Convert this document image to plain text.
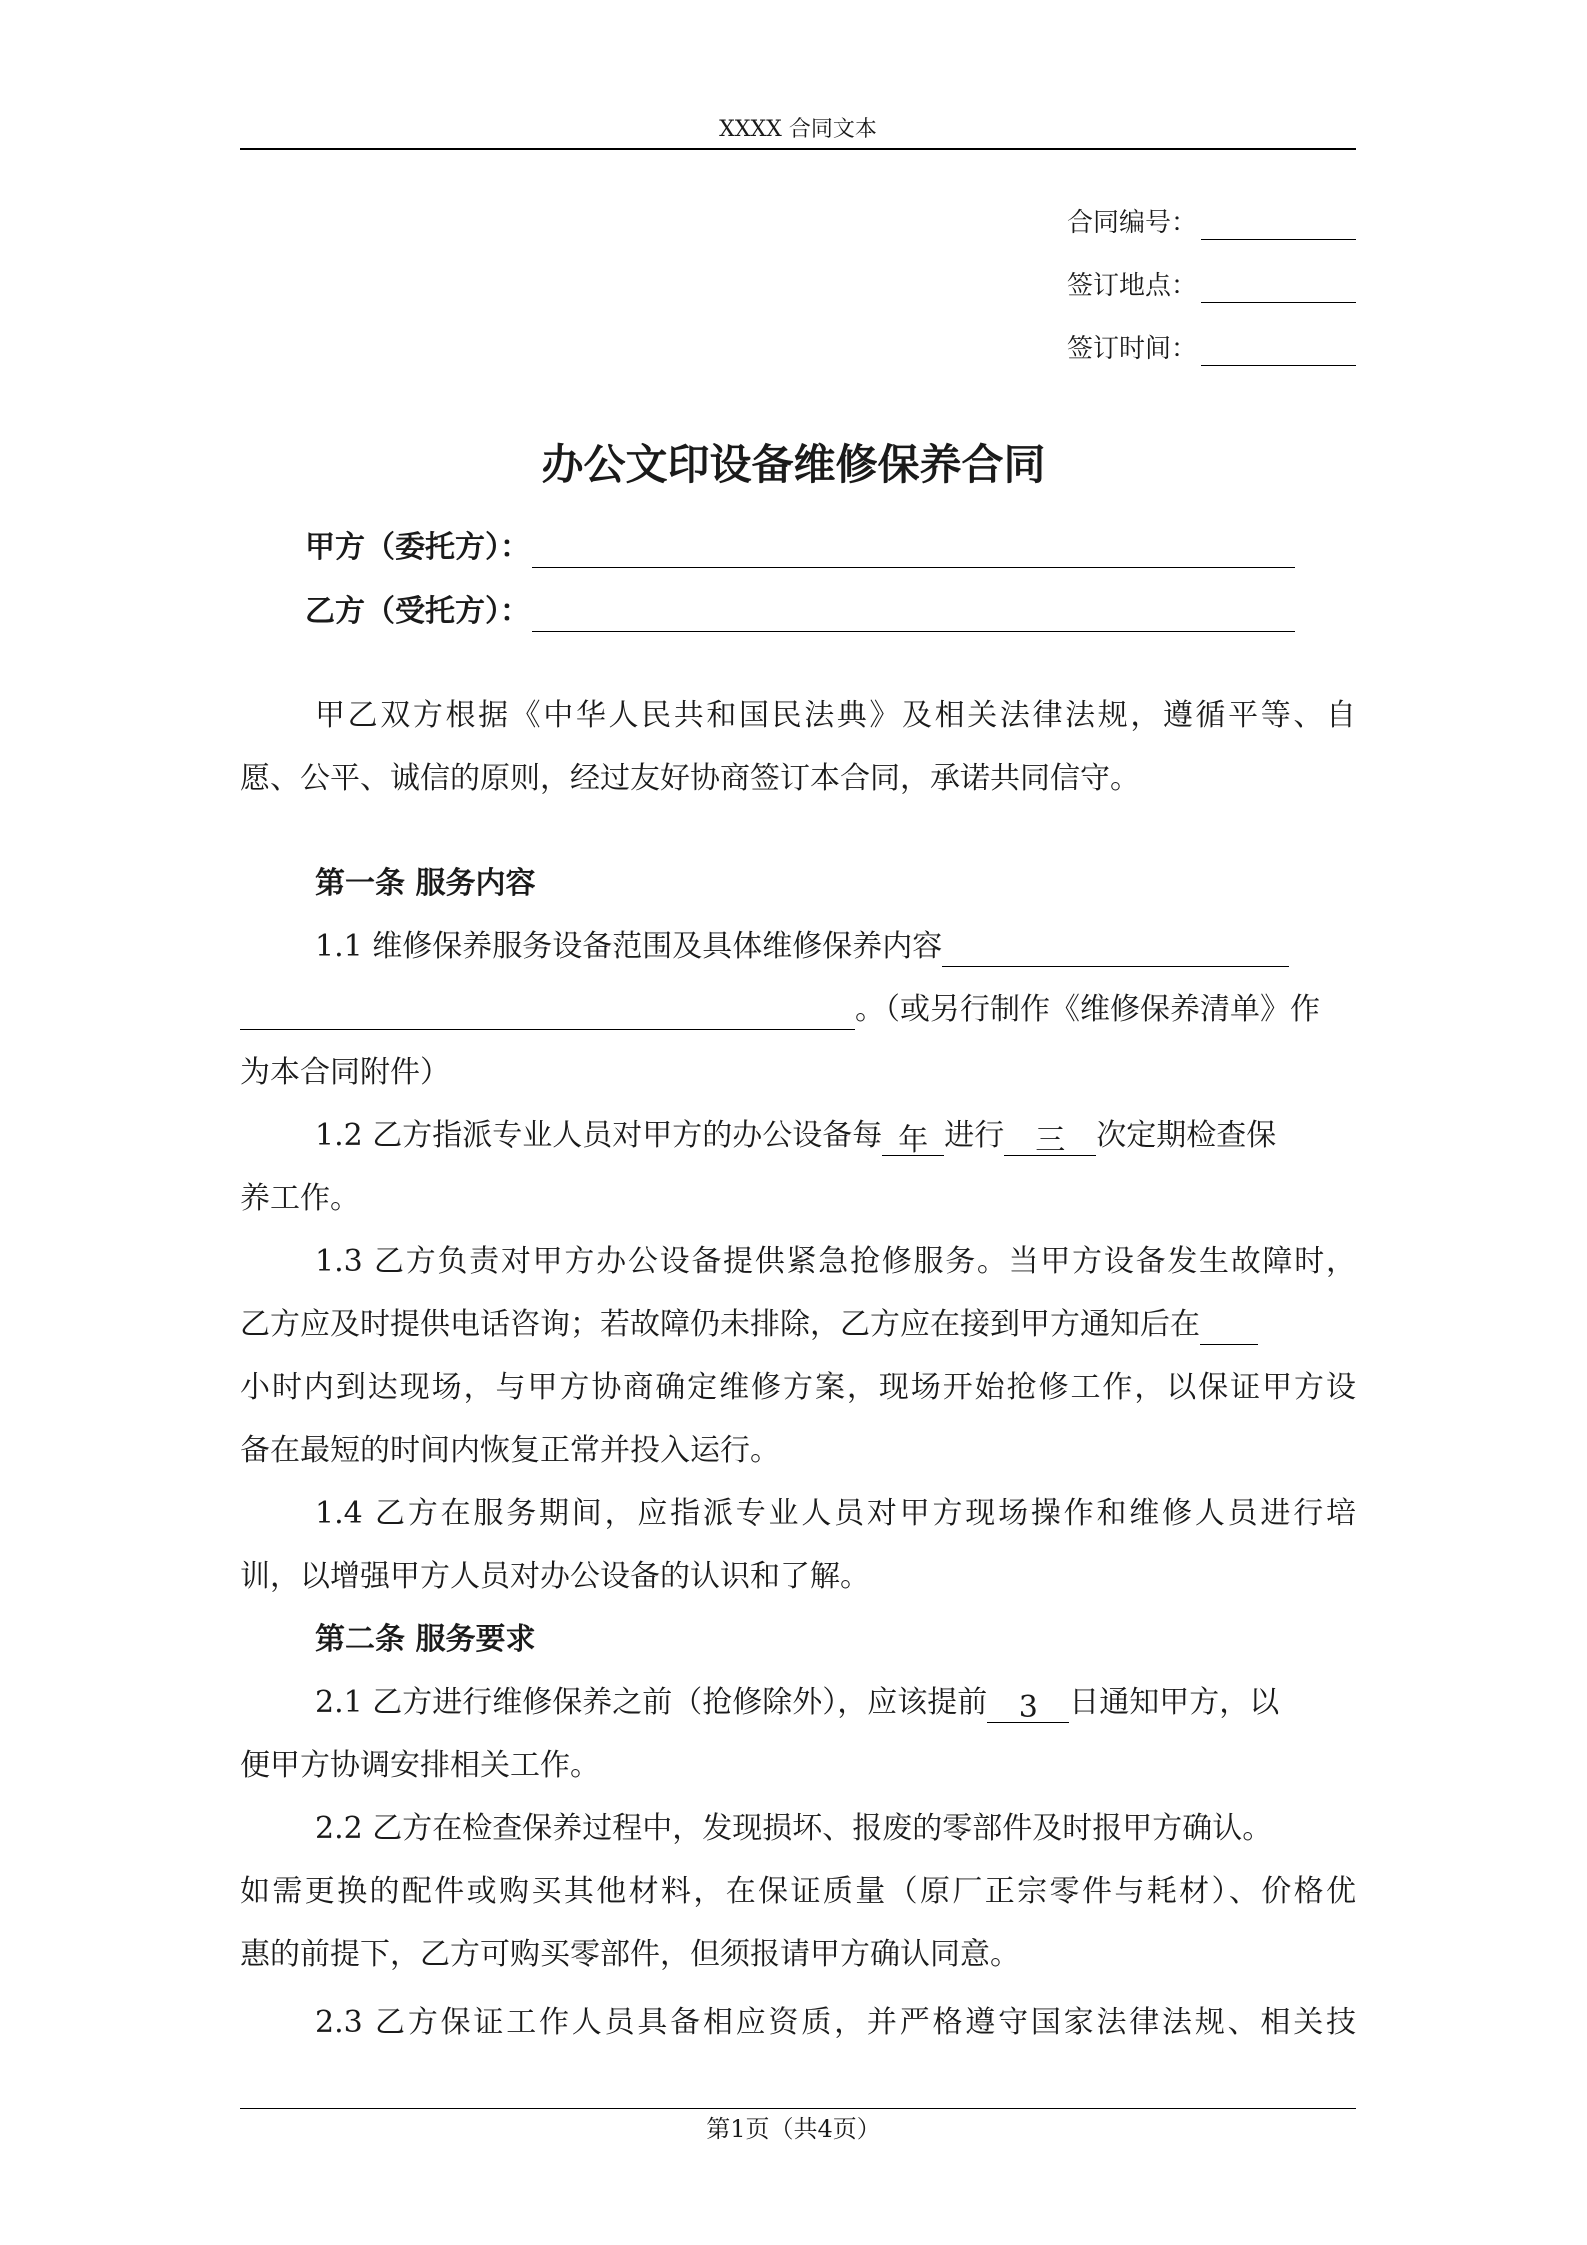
XXXX 合同文本
合同编号：
签订地点：
签订时间：
办公文印设备维修保养合同
甲方（委托方）：
乙方（受托方）：
甲乙双方根据《中华人民共和国民法典》及相关法律法规，遵循平等、自
愿、公平、诚信的原则，经过友好协商签订本合同，承诺共同信守。
第一条 服务内容
1.1 维修保养服务设备范围及具体维修保养内容
。（或另行制作《维修保养清单》作
为本合同附件）
1.2 乙方指派专业人员对甲方的办公设备每 年 进行 三 次定期检查保
养工作。
1.3 乙方负责对甲方办公设备提供紧急抢修服务。当甲方设备发生故障时，
乙方应及时提供电话咨询；若故障仍未排除，乙方应在接到甲方通知后在
小时内到达现场，与甲方协商确定维修方案，现场开始抢修工作，以保证甲方设
备在最短的时间内恢复正常并投入运行。
1.4 乙方在服务期间，应指派专业人员对甲方现场操作和维修人员进行培
训，以增强甲方人员对办公设备的认识和了解。
第二条 服务要求
2.1 乙方进行维修保养之前（抢修除外），应该提前 3 日通知甲方，以
便甲方协调安排相关工作。
2.2 乙方在检查保养过程中，发现损坏、报废的零部件及时报甲方确认。
如需更换的配件或购买其他材料，在保证质量（原厂正宗零件与耗材）、价格优
惠的前提下，乙方可购买零部件，但须报请甲方确认同意。
2.3 乙方保证工作人员具备相应资质，并严格遵守国家法律法规、相关技
第1页（共4页）
